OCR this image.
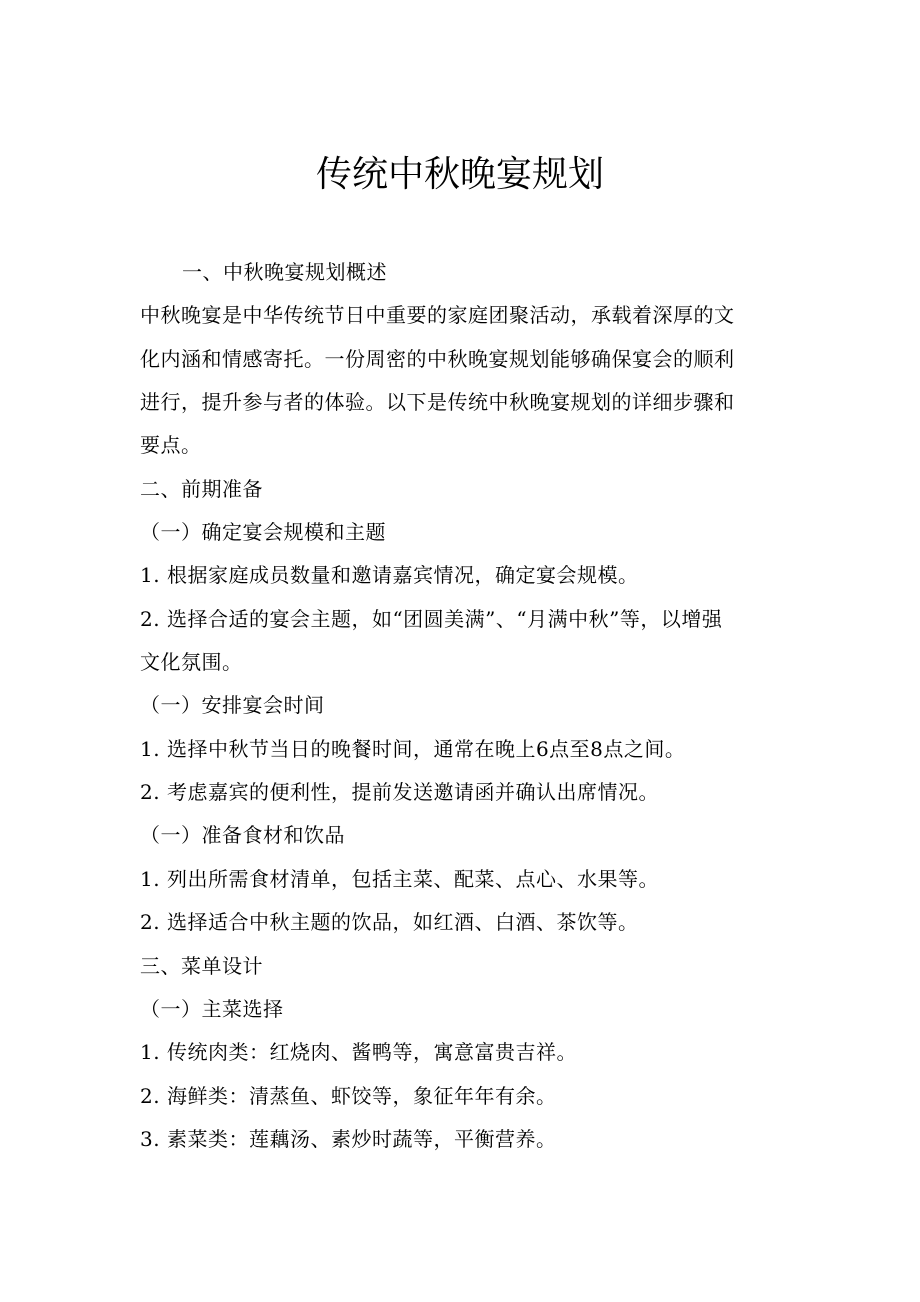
传统中秋晚宴规划
一、中秋晚宴规划概述
中秋晚宴是中华传统节日中重要的家庭团聚活动，承载着深厚的文
化内涵和情感寄托。一份周密的中秋晚宴规划能够确保宴会的顺利
进行，提升参与者的体验。以下是传统中秋晚宴规划的详细步骤和
要点。
二、前期准备
（一）确定宴会规模和主题
1. 根据家庭成员数量和邀请嘉宾情况，确定宴会规模。
2. 选择合适的宴会主题，如“团圆美满”、“月满中秋”等，以增强
文化氛围。
（一）安排宴会时间
1. 选择中秋节当日的晚餐时间，通常在晚上6点至8点之间。
2. 考虑嘉宾的便利性，提前发送邀请函并确认出席情况。
（一）准备食材和饮品
1. 列出所需食材清单，包括主菜、配菜、点心、水果等。
2. 选择适合中秋主题的饮品，如红酒、白酒、茶饮等。
三、菜单设计
（一）主菜选择
1. 传统肉类：红烧肉、酱鸭等，寓意富贵吉祥。
2. 海鲜类：清蒸鱼、虾饺等，象征年年有余。
3. 素菜类：莲藕汤、素炒时蔬等，平衡营养。
